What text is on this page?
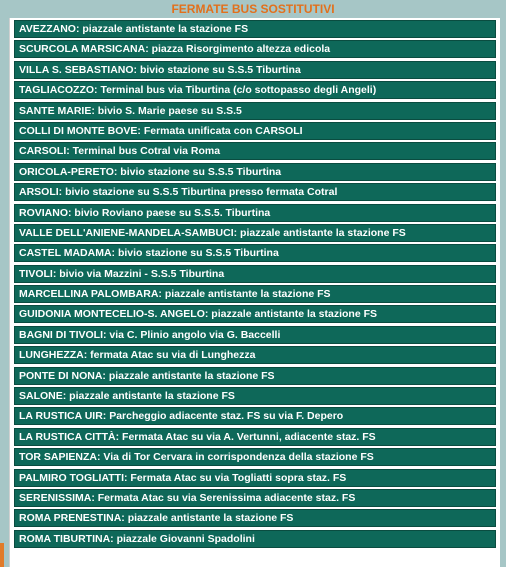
FERMATE BUS SOSTITUTIVI
AVEZZANO: piazzale antistante la stazione FS
SCURCOLA MARSICANA: piazza Risorgimento altezza edicola
VILLA S. SEBASTIANO: bivio stazione su S.S.5 Tiburtina
TAGLIACOZZO: Terminal bus via Tiburtina (c/o sottopasso degli Angeli)
SANTE MARIE: bivio S. Marie paese su S.S.5
COLLI DI MONTE BOVE: Fermata unificata con CARSOLI
CARSOLI: Terminal bus Cotral via Roma
ORICOLA-PERETO: bivio stazione su S.S.5 Tiburtina
ARSOLI: bivio stazione su S.S.5 Tiburtina presso fermata Cotral
ROVIANO: bivio Roviano paese su S.S.5. Tiburtina
VALLE DELL'ANIENE-MANDELA-SAMBUCI: piazzale antistante la stazione FS
CASTEL MADAMA: bivio stazione su S.S.5 Tiburtina
TIVOLI: bivio via Mazzini - S.S.5 Tiburtina
MARCELLINA PALOMBARA: piazzale antistante la stazione FS
GUIDONIA MONTECELIO-S. ANGELO: piazzale antistante la stazione FS
BAGNI DI TIVOLI: via C. Plinio angolo via G. Baccelli
LUNGHEZZA: fermata Atac su via di Lunghezza
PONTE DI NONA: piazzale antistante la stazione FS
SALONE: piazzale antistante la stazione FS
LA RUSTICA UIR: Parcheggio adiacente staz. FS su via F. Depero
LA RUSTICA CITTÀ: Fermata Atac su via A. Vertunni, adiacente staz. FS
TOR SAPIENZA: Via di Tor Cervara in corrispondenza della stazione FS
PALMIRO TOGLIATTI: Fermata Atac su via Togliatti sopra staz. FS
SERENISSIMA: Fermata Atac su via Serenissima adiacente staz. FS
ROMA PRENESTINA: piazzale antistante la stazione FS
ROMA TIBURTINA: piazzale Giovanni Spadolini
